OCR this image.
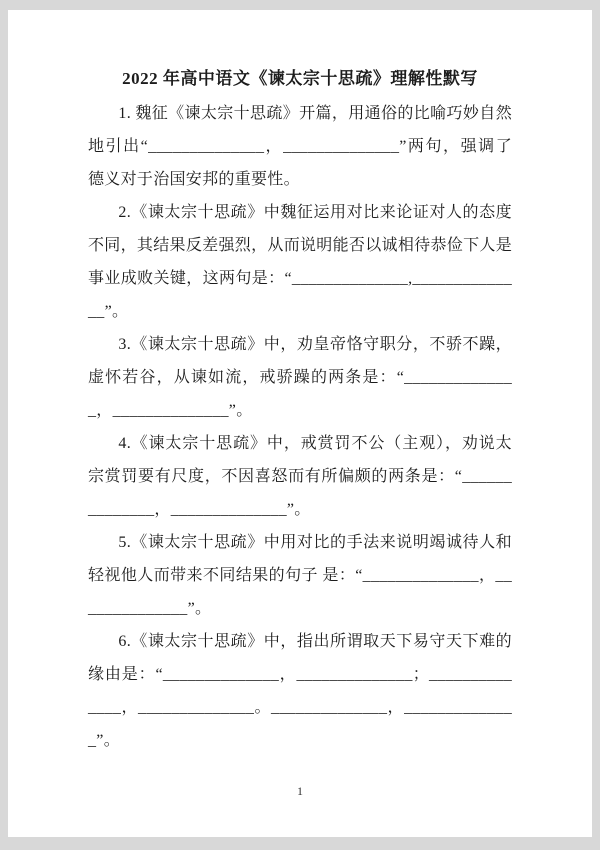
2022 年高中语文《谏太宗十思疏》理解性默写

1. 魏征《谏太宗十思疏》开篇，用通俗的比喻巧妙自然地引出“______________，______________”两句，强调了德义对于治国安邦的重要性。

2.《谏太宗十思疏》中魏征运用对比来论证对人的态度不同，其结果反差强烈，从而说明能否以诚相待恭俭下人是事业成败关键，这两句是：“______________,______________”。

3.《谏太宗十思疏》中，劝皇帝恪守职分，不骄不躁，虚怀若谷，从谏如流，戒骄躁的两条是：“______________，______________”。

4.《谏太宗十思疏》中，戒赏罚不公（主观），劝说太宗赏罚要有尺度，不因喜怒而有所偏颇的两条是：“______________，______________”。

5.《谏太宗十思疏》中用对比的手法来说明竭诚待人和轻视他人而带来不同结果的句子 是：“______________，______________”。

6.《谏太宗十思疏》中，指出所谓取天下易守天下难的缘由是：“______________，______________；______________，______________。______________，______________”。

1
